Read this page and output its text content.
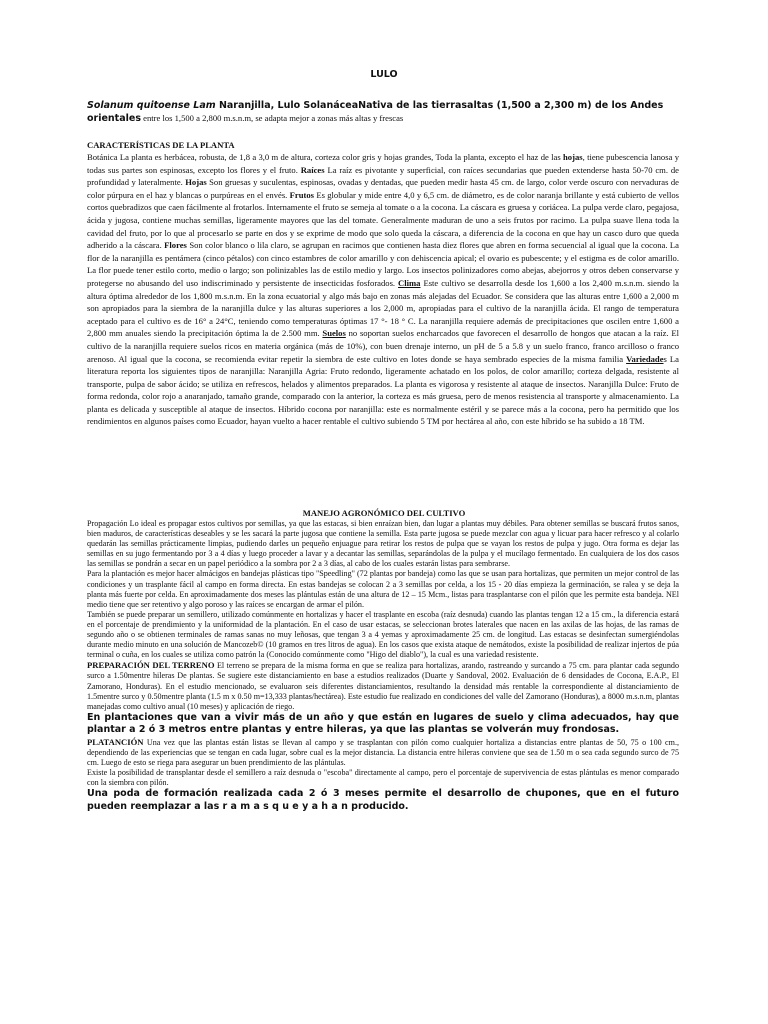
LULO
Solanum quitoense Lam Naranjilla, Lulo SolanáceaNativa de las tierrasaltas (1,500 a 2,300 m) de los Andes orientales entre los 1,500 a 2,800 m.s.n.m, se adapta mejor a zonas más altas y frescas
CARACTERÍSTICAS DE LA PLANTA
Botánica La planta es herbácea, robusta, de 1,8 a 3,0 m de altura, corteza color gris y hojas grandes, Toda la planta, excepto el haz de las hojas, tiene pubescencia lanosa y todas sus partes son espinosas, excepto los flores y el fruto. Raíces La raíz es pivotante y superficial, con raíces secundarias que pueden extenderse hasta 50-70 cm. de profundidad y lateralmente. Hojas Son gruesas y suculentas, espinosas, ovadas y dentadas, que pueden medir hasta 45 cm. de largo, color verde oscuro con nervaduras de color púrpura en el haz y blancas o purpúreas en el envés. Frutos Es globular y mide entre 4,0 y 6,5 cm. de diámetro, es de color naranja brillante y está cubierto de vellos cortos quebradizos que caen fácilmente al frotarlos. Internamente el fruto se semeja al tomate o a la cocona. La cáscara es gruesa y coriácea. La pulpa verde claro, pegajosa, ácida y jugosa, contiene muchas semillas, ligeramente mayores que las del tomate. Generalmente maduran de uno a seis frutos por racimo. La pulpa suave llena toda la cavidad del fruto, por lo que al procesarlo se parte en dos y se exprime de modo que solo queda la cáscara, a diferencia de la cocona en que hay un casco duro que queda adherido a la cáscara. Flores Son color blanco o lila claro, se agrupan en racimos que contienen hasta diez flores que abren en forma secuencial al igual que la cocona. La flor de la naranjilla es pentámera (cinco pétalos) con cinco estambres de color amarillo y con dehiscencia apical; el ovario es pubescente; y el estigma es de color amarillo. La flor puede tener estilo corto, medio o largo; son polinizables las de estilo medio y largo. Los insectos polinizadores como abejas, abejorros y otros deben conservarse y protegerse no abusando del uso indiscriminado y persistente de insecticidas fosforados. Clima Este cultivo se desarrolla desde los 1,600 a los 2,400 m.s.n.m. siendo la altura óptima alrededor de los 1,800 m.s.n.m. En la zona ecuatorial y algo más bajo en zonas más alejadas del Ecuador. Se considera que las alturas entre 1,600 a 2,000 m son apropiados para la siembra de la naranjilla dulce y las alturas superiores a los 2,000 m, apropiadas para el cultivo de la naranjilla ácida. El rango de temperatura aceptado para el cultivo es de 16° a 24°C, teniendo como temperaturas óptimas 17 °- 18 ° C. La naranjilla requiere además de precipitaciones que oscilen entre 1,600 a 2,800 mm anuales siendo la precipitación óptima la de 2.500 mm. Suelos no soportan suelos encharcados que favorecen el desarrollo de hongos que atacan a la raíz. El cultivo de la naranjilla requiere suelos ricos en materia orgánica (más de 10%), con buen drenaje interno, un pH de 5 a 5.8 y un suelo franco, franco arcilloso o franco arenoso. Al igual que la cocona, se recomienda evitar repetir la siembra de este cultivo en lotes donde se haya sembrado especies de la misma familia Variedades La literatura reporta los siguientes tipos de naranjilla: Naranjilla Agria: Fruto redondo, ligeramente achatado en los polos, de color amarillo; corteza delgada, resistente al transporte, pulpa de sabor ácido; se utiliza en refrescos, helados y alimentos preparados. La planta es vigorosa y resistente al ataque de insectos. Naranjilla Dulce: Fruto de forma redonda, color rojo a anaranjado, tamaño grande, comparado con la anterior, la corteza es más gruesa, pero de menos resistencia al transporte y almacenamiento. La planta es delicada y susceptible al ataque de insectos. Híbrido cocona por naranjilla: este es normalmente estéril y se parece más a la cocona, pero ha permitido que los rendimientos en algunos países como Ecuador, hayan vuelto a hacer rentable el cultivo subiendo 5 TM por hectárea al año, con este híbrido se ha subido a 18 TM.
MANEJO AGRONÓMICO DEL CULTIVO
Propagación Lo ideal es propagar estos cultivos por semillas, ya que las estacas, si bien enraízan bien, dan lugar a plantas muy débiles. Para obtener semillas se buscará frutos sanos, bien maduros, de características deseables y se les sacará la parte jugosa que contiene la semilla. Esta parte jugosa se puede mezclar con agua y licuar para hacer refresco y al colarlo quedarán las semillas prácticamente limpias, pudiendo darles un pequeño enjuague para retirar los restos de pulpa que se vayan los restos de pulpa y jugo. Otra forma es dejar las semillas en su jugo fermentando por 3 a 4 días y luego proceder a lavar y a decantar las semillas, separándolas de la pulpa y el mucílago fermentado. En cualquiera de los dos casos las semillas se pondrán a secar en un papel periódico a la sombra por 2 a 3 días, al cabo de los cuales estarán listas para sembrarse.
Para la plantación es mejor hacer almácigos en bandejas plásticas tipo "Speedling" (72 plantas por bandeja) como las que se usan para hortalizas, que permiten un mejor control de las condiciones y un trasplante fácil al campo en forma directa. En estas bandejas se colocan 2 a 3 semillas por celda, a los 15 - 20 días empieza la germinación, se ralea y se deja la planta más fuerte por celda. En aproximadamente dos meses las plántulas están de una altura de 12 – 15 Mcm., listas para trasplantarse con el pilón que les permite esta bandeja. NEl medio tiene que ser retentivo y algo poroso y las raíces se encargan de armar el pilón.
También se puede preparar un semillero, utilizado comúnmente en hortalizas y hacer el trasplante en escoba (raíz desnuda) cuando las plantas tengan 12 a 15 cm., la diferencia estará en el porcentaje de prendimiento y la uniformidad de la plantación. En el caso de usar estacas, se seleccionan brotes laterales que nacen en las axilas de las hojas, de las ramas de segundo año o se obtienen terminales de ramas sanas no muy leñosas, que tengan 3 a 4 yemas y aproximadamente 25 cm. de longitud. Las estacas se desinfectan sumergiéndolas durante medio minuto en una solución de Mancozeb© (10 gramos en tres litros de agua). En los casos que exista ataque de nemátodos, existe la posibilidad de realizar injertos de púa terminal o cuña, en los cuales se utiliza como patrón la (Conocido comúnmente como "Higo del diablo"), la cual es una variedad resistente.
PREPARACIÓN DEL TERRENO El terreno se prepara de la misma forma en que se realiza para hortalizas, arando, rastreando y surcando a 75 cm. para plantar cada segundo surco a 1.50mentre hileras De plantas. Se sugiere este distanciamiento en base a estudios realizados (Duarte y Sandoval, 2002. Evaluación de 6 densidades de Cocona, E.A.P., El Zamorano, Honduras). En el estudio mencionado, se evaluaron seis diferentes distanciamientos, resultando la densidad más rentable la correspondiente al distanciamiento de 1.5mentre surco y 0.50mentre planta (1.5 m x 0.50 m=13,333 plantas/hectárea). Este estudio fue realizado en condiciones del valle del Zamorano (Honduras), a 8000 m.s.n.m, plantas manejadas como cultivo anual (10 meses) y aplicación de riego.
En plantaciones que van a vivir más de un año y que están en lugares de suelo y clima adecuados, hay que plantar a 2 ó 3 metros entre plantas y entre hileras, ya que las plantas se volverán muy frondosas.
PLATANCIÓN Una vez que las plantas están listas se llevan al campo y se trasplantan con pilón como cualquier hortaliza a distancias entre plantas de 50, 75 o 100 cm., dependiendo de las experiencias que se tengan en cada lugar, sobre cual es la mejor distancia. La distancia entre hileras conviene que sea de 1.50 m o sea cada segundo surco de 75 cm. Luego de esto se riega para asegurar un buen prendimiento de las plántulas.
Existe la posibilidad de transplantar desde el semillero a raíz desnuda o "escoba" directamente al campo, pero el porcentaje de supervivencia de estas plántulas es menor comparado con la siembra con pilón.
Una poda de formación realizada cada 2 ó 3 meses permite el desarrollo de chupones, que en el futuro pueden reemplazar a las r a m a s q u e y a h a n producido.
